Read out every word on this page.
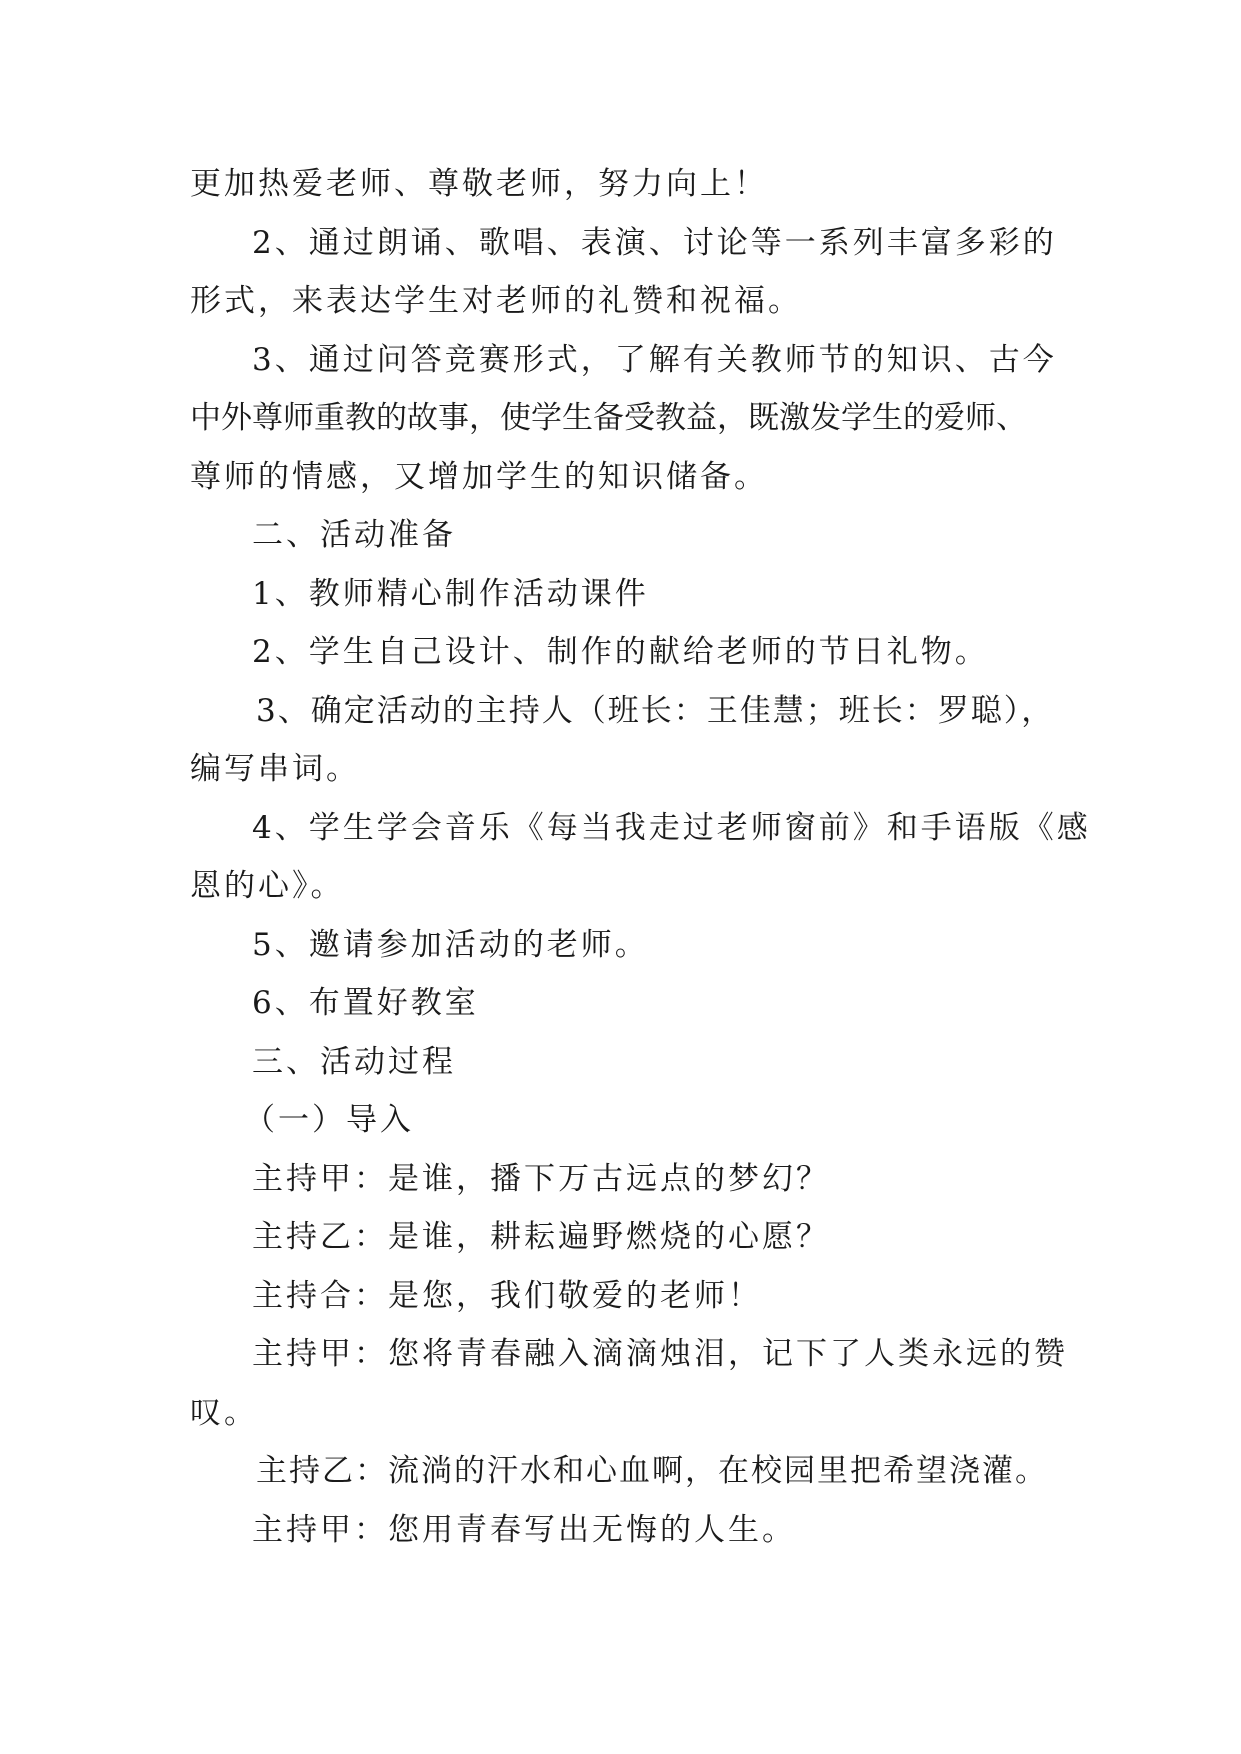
更加热爱老师、尊敬老师，努力向上！

2、通过朗诵、歌唱、表演、讨论等一系列丰富多彩的

形式，来表达学生对老师的礼赞和祝福。

3、通过问答竞赛形式，了解有关教师节的知识、古今

中外尊师重教的故事，使学生备受教益，既激发学生的爱师、

尊师的情感，又增加学生的知识储备。

二、活动准备

1、教师精心制作活动课件

2、学生自己设计、制作的献给老师的节日礼物。

3、确定活动的主持人（班长：王佳慧；班长：罗聪），

编写串词。

4、学生学会音乐《每当我走过老师窗前》和手语版《感

恩的心》。

5、邀请参加活动的老师。

6、布置好教室

三、活动过程

（一）导入

主持甲：是谁，播下万古远点的梦幻？

主持乙：是谁，耕耘遍野燃烧的心愿？

主持合：是您，我们敬爱的老师！

主持甲：您将青春融入滴滴烛泪，记下了人类永远的赞

叹。

主持乙：流淌的汗水和心血啊，在校园里把希望浇灌。

主持甲：您用青春写出无悔的人生。
